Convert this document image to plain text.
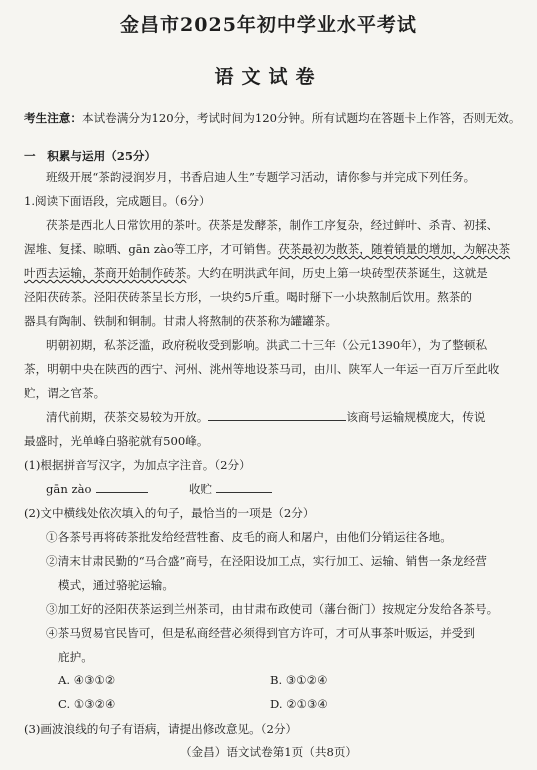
金昌市2025年初中学业水平考试
语文试卷
考生注意：本试卷满分为120分，考试时间为120分钟。所有试题均在答题卡上作答，否则无效。
一　积累与运用（25分）
班级开展“茶韵浸润岁月，书香启迪人生”专题学习活动，请你参与并完成下列任务。
1.阅读下面语段，完成题目。（6分）
茯茶是西北人日常饮用的茶叶。茯茶是发酵茶，制作工序复杂，经过鲜叶、杀青、初揉、
渥堆、复揉、晾晒、gān zào等工序，才可销售。茯茶最初为散茶，随着销量的增加，为解决茶
叶西去运输，茶商开始制作砖茶。大约在明洪武年间，历史上第一块砖型茯茶诞生，这就是
泾阳茯砖茶。泾阳茯砖茶呈长方形，一块约5斤重。喝时掰下一小块熬制后饮用。熬茶的
器具有陶制、铁制和铜制。甘肃人将熬制的茯茶称为罐罐茶。
明朝初期，私茶泛滥，政府税收受到影响。洪武二十三年（公元1390年），为了整顿私
茶，明朝中央在陕西的西宁、河州、洮州等地设茶马司，由川、陕军人一年运一百万斤至此收
贮，谓之官茶。
清代前期，茯茶交易较为开放。	该商号运输规模庞大，传说
最盛时，光单峰白骆驼就有500峰。
(1)根据拼音写汉字，为加点字注音。（2分）
gān zào	收贮
(2)文中横线处依次填入的句子，最恰当的一项是（2分）
①各茶号再将砖茶批发给经营牲畜、皮毛的商人和屠户，由他们分销运往各地。
②清末甘肃民勤的“马合盛”商号，在泾阳设加工点，实行加工、运输、销售一条龙经营
模式，通过骆驼运输。
③加工好的泾阳茯茶运到兰州茶司，由甘肃布政使司（藩台衙门）按规定分发给各茶号。
④茶马贸易官民皆可，但是私商经营必须得到官方许可，才可从事茶叶贩运，并受到
庇护。
A. ④③①②	B. ③①②④
C. ①③②④	D. ②①③④
(3)画波浪线的句子有语病，请提出修改意见。（2分）
（金昌）语文试卷第1页（共8页）
